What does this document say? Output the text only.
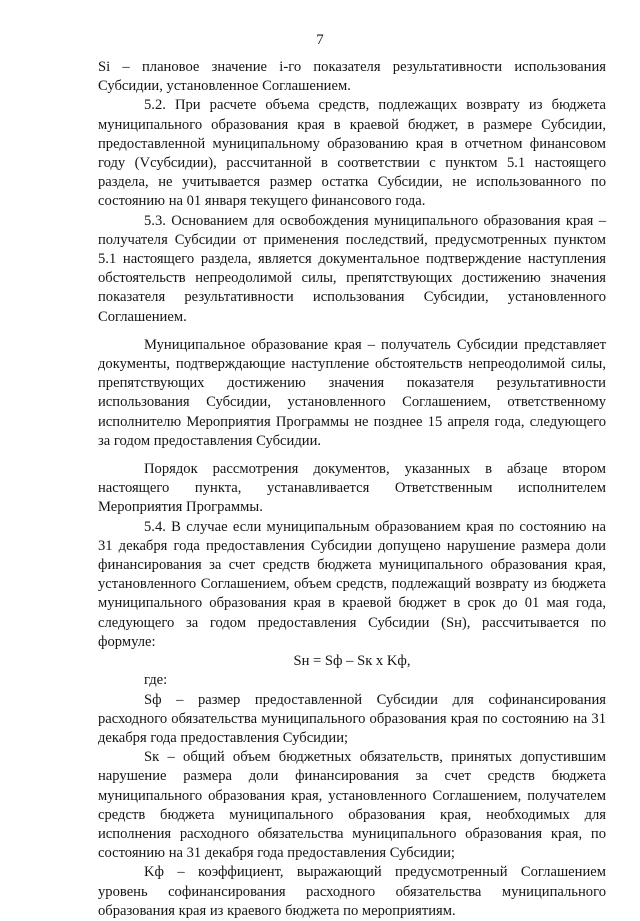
7

Si – плановое значение i-го показателя результативности использования Субсидии, установленное Соглашением.

5.2. При расчете объема средств, подлежащих возврату из бюджета муниципального образования края в краевой бюджет, в размере Субсидии, предоставленной муниципальному образованию края в отчетном финансовом году (Vсубсидии), рассчитанной в соответствии с пунктом 5.1 настоящего раздела, не учитывается размер остатка Субсидии, не использованного по состоянию на 01 января текущего финансового года.

5.3. Основанием для освобождения муниципального образования края – получателя Субсидии от применения последствий, предусмотренных пунктом 5.1 настоящего раздела, является документальное подтверждение наступления обстоятельств непреодолимой силы, препятствующих достижению значения показателя результативности использования Субсидии, установленного Соглашением.

Муниципальное образование края – получатель Субсидии представляет документы, подтверждающие наступление обстоятельств непреодолимой силы, препятствующих достижению значения показателя результативности использования Субсидии, установленного Соглашением, ответственному исполнителю Мероприятия Программы не позднее 15 апреля года, следующего за годом предоставления Субсидии.

Порядок рассмотрения документов, указанных в абзаце втором настоящего пункта, устанавливается Ответственным исполнителем Мероприятия Программы.

5.4. В случае если муниципальным образованием края по состоянию на 31 декабря года предоставления Субсидии допущено нарушение размера доли финансирования за счет средств бюджета муниципального образования края, установленного Соглашением, объем средств, подлежащий возврату из бюджета муниципального образования края в краевой бюджет в срок до 01 мая года, следующего за годом предоставления Субсидии (Sн), рассчитывается по формуле:

Sн = Sф – Sк x Kф,

где:

Sф – размер предоставленной Субсидии для софинансирования расходного обязательства муниципального образования края по состоянию на 31 декабря года предоставления Субсидии;

Sк – общий объем бюджетных обязательств, принятых допустившим нарушение размера доли финансирования за счет средств бюджета муниципального образования края, установленного Соглашением, получателем средств бюджета муниципального образования края, необходимых для исполнения расходного обязательства муниципального образования края, по состоянию на 31 декабря года предоставления Субсидии;

Kф – коэффициент, выражающий предусмотренный Соглашением уровень софинансирования расходного обязательства муниципального образования края из краевого бюджета по мероприятиям.
